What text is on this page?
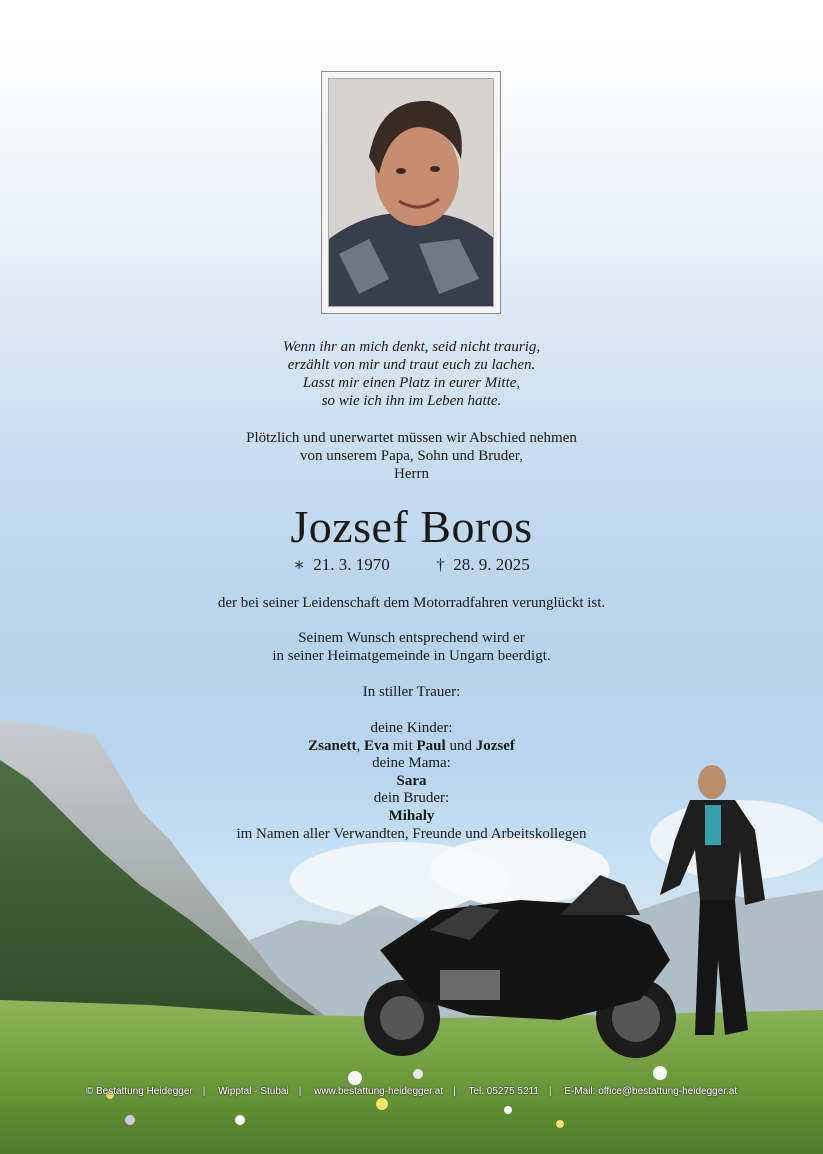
Wenn ihr an mich denkt, seid nicht traurig,
erzählt von mir und traut euch zu lachen.
Lasst mir einen Platz in eurer Mitte,
so wie ich ihn im Leben hatte.
Plötzlich und unerwartet müssen wir Abschied nehmen
von unserem Papa, Sohn und Bruder,
Herrn
Jozsef Boros
∗ 21. 3. 1970	† 28. 9. 2025
der bei seiner Leidenschaft dem Motorradfahren verunglückt ist.
Seinem Wunsch entsprechend wird er
in seiner Heimatgemeinde in Ungarn beerdigt.
In stiller Trauer:
deine Kinder:
Zsanett, Eva mit Paul und Jozsef
deine Mama:
Sara
dein Bruder:
Mihaly
im Namen aller Verwandten, Freunde und Arbeitskollegen
© Bestattung Heidegger | Wipptal - Stubai | www.bestattung-heidegger.at | Tel. 05275 5211 | E-Mail: office@bestattung-heidegger.at
